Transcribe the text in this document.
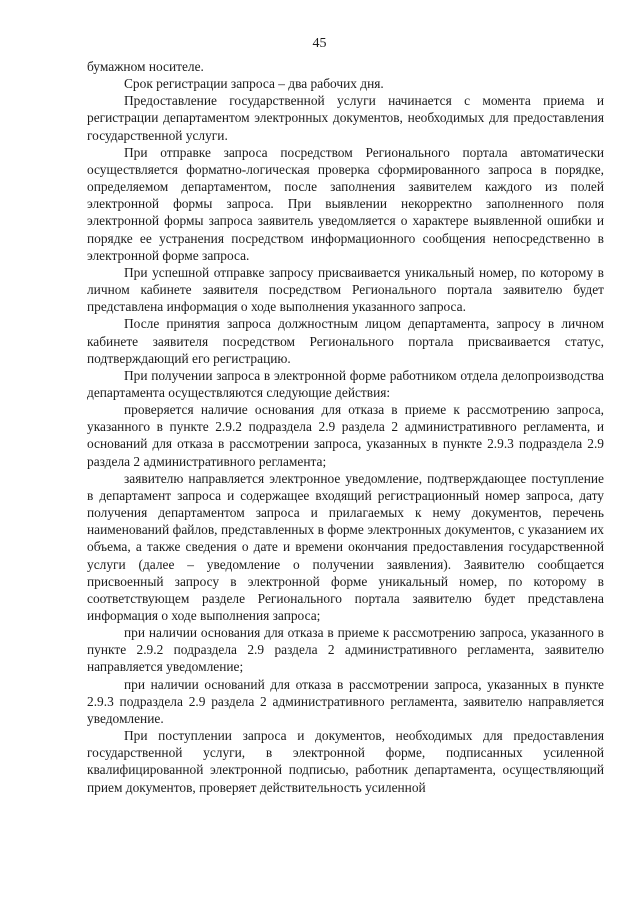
45

бумажном носителе.

Срок регистрации запроса – два рабочих дня.

Предоставление государственной услуги начинается с момента приема и регистрации департаментом электронных документов, необходимых для предоставления государственной услуги.

При отправке запроса посредством Регионального портала автоматически осуществляется форматно-логическая проверка сформированного запроса в порядке, определяемом департаментом, после заполнения заявителем каждого из полей электронной формы запроса. При выявлении некорректно заполненного поля электронной формы запроса заявитель уведомляется о характере выявленной ошибки и порядке ее устранения посредством информационного сообщения непосредственно в электронной форме запроса.

При успешной отправке запросу присваивается уникальный номер, по которому в личном кабинете заявителя посредством Регионального портала заявителю будет представлена информация о ходе выполнения указанного запроса.

После принятия запроса должностным лицом департамента, запросу в личном кабинете заявителя посредством Регионального портала присваивается статус, подтверждающий его регистрацию.

При получении запроса в электронной форме работником отдела делопроизводства департамента осуществляются следующие действия:

проверяется наличие основания для отказа в приеме к рассмотрению запроса, указанного в пункте 2.9.2 подраздела 2.9 раздела 2 административного регламента, и оснований для отказа в рассмотрении запроса, указанных в пункте 2.9.3 подраздела 2.9 раздела 2 административного регламента;

заявителю направляется электронное уведомление, подтверждающее поступление в департамент запроса и содержащее входящий регистрационный номер запроса, дату получения департаментом запроса и прилагаемых к нему документов, перечень наименований файлов, представленных в форме электронных документов, с указанием их объема, а также сведения о дате и времени окончания предоставления государственной услуги (далее – уведомление о получении заявления). Заявителю сообщается присвоенный запросу в электронной форме уникальный номер, по которому в соответствующем разделе Регионального портала заявителю будет представлена информация о ходе выполнения запроса;

при наличии основания для отказа в приеме к рассмотрению запроса, указанного в пункте 2.9.2 подраздела 2.9 раздела 2 административного регламента, заявителю направляется уведомление;

при наличии оснований для отказа в рассмотрении запроса, указанных в пункте 2.9.3 подраздела 2.9 раздела 2 административного регламента, заявителю направляется уведомление.

При поступлении запроса и документов, необходимых для предоставления государственной услуги, в электронной форме, подписанных усиленной квалифицированной электронной подписью, работник департамента, осуществляющий прием документов, проверяет действительность усиленной
